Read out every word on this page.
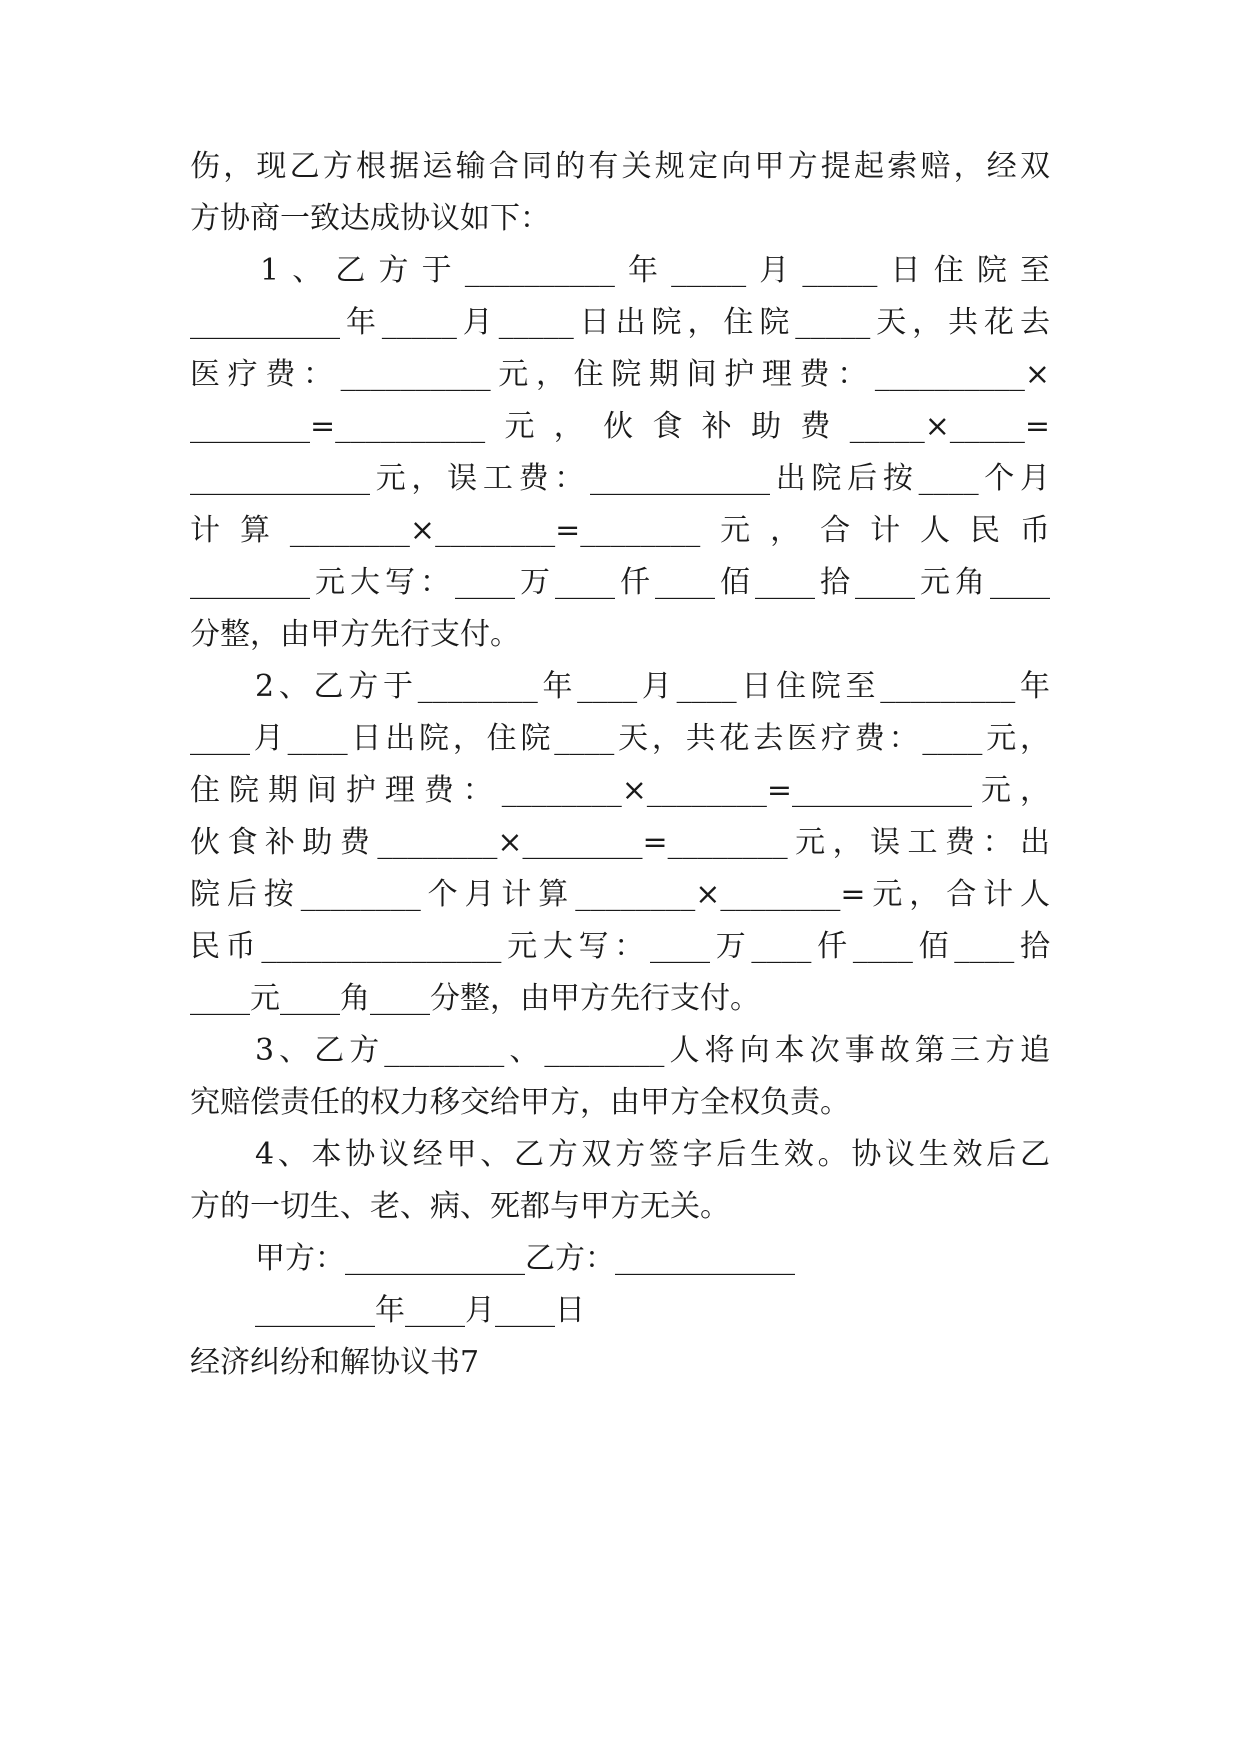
伤，现乙方根据运输合同的有关规定向甲方提起索赔，经双
方协商一致达成协议如下：
1、乙方于__________年_____月_____日住院至
__________年_____月_____日出院，住院_____天，共花去
医疗费：__________元，住院期间护理费：__________×
________=__________元，伙食补助费_____×_____=
____________元，误工费：____________出院后按____个月
计算________×________=________元，合计人民币
________元大写：____万____仟____佰____拾____元角____
分整，由甲方先行支付。
2、乙方于________年____月____日住院至_________年
____月____日出院，住院____天，共花去医疗费：____元，
住院期间护理费：________×________=____________元，
伙食补助费________×________=________元，误工费：出
院后按________个月计算________×________=元，合计人
民币________________元大写：____万____仟____佰____拾
____元____角____分整，由甲方先行支付。
3、乙方________、________人将向本次事故第三方追
究赔偿责任的权力移交给甲方，由甲方全权负责。
4、本协议经甲、乙方双方签字后生效。协议生效后乙
方的一切生、老、病、死都与甲方无关。
甲方：____________乙方：____________
________年____月____日
经济纠纷和解协议书7
